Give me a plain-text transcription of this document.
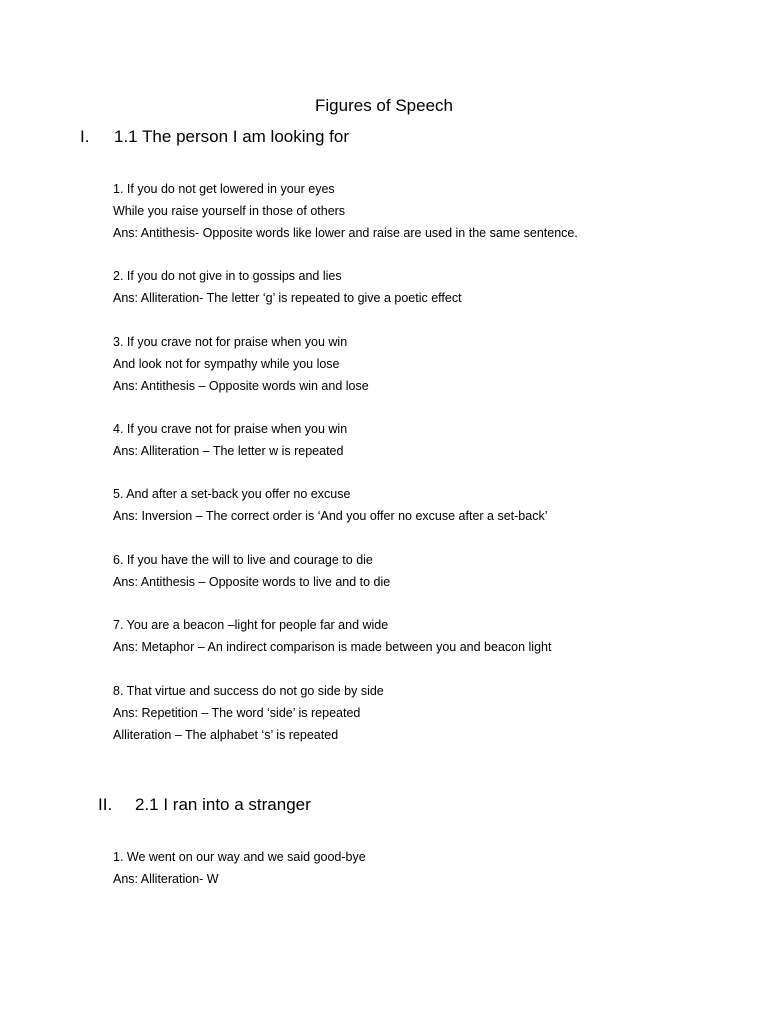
Figures of Speech
I. 1.1 The person I am looking for
1. If you do not get lowered in your eyes
While you raise yourself in those of others
Ans: Antithesis- Opposite words like lower and raise are used in the same sentence.
2. If you do not give in to gossips and lies
Ans: Alliteration- The letter ‘g’ is repeated to give a poetic effect
3. If you crave not for praise when you win
And look not for sympathy while you lose
Ans: Antithesis – Opposite words win and lose
4. If you crave not for praise when you win
Ans: Alliteration – The letter w is repeated
5. And after a set-back you offer no excuse
Ans: Inversion – The correct order is ‘And you offer no excuse after a set-back’
6. If you have the will to live and courage to die
Ans: Antithesis – Opposite words to live and to die
7. You are a beacon –light for people far and wide
Ans: Metaphor – An indirect comparison is made between you and beacon light
8. That virtue and success do not go side by side
Ans: Repetition – The word ‘side’ is repeated
Alliteration – The alphabet ‘s’ is repeated
II. 2.1 I ran into a stranger
1. We went on our way and we said good-bye
Ans: Alliteration- W
